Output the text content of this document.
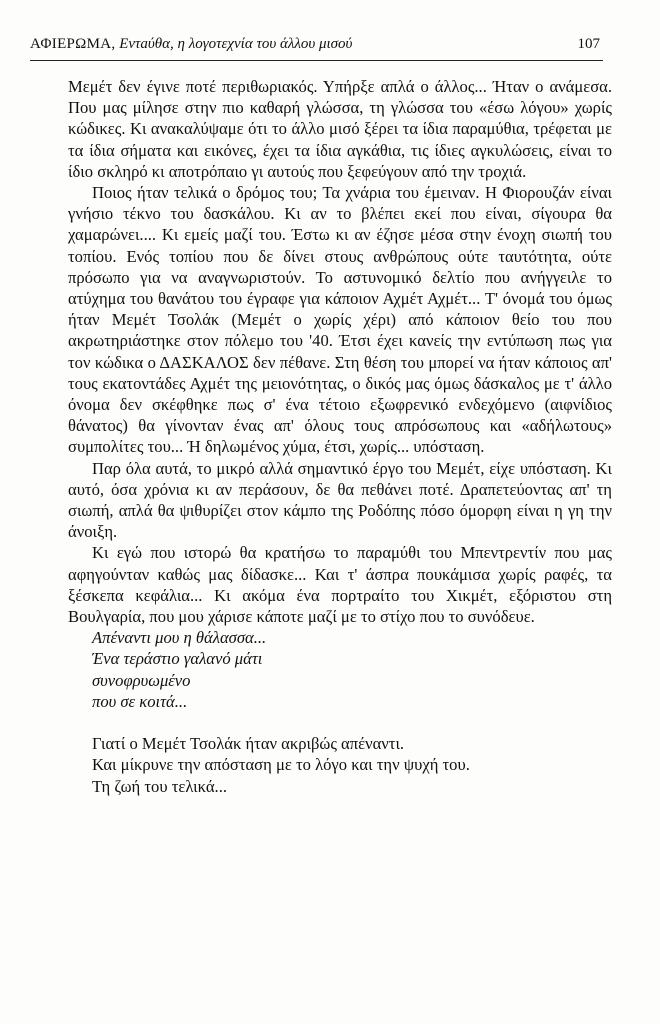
ΑΦΙΕΡΩΜΑ, Εντaύθα, η λογοτεχνία του άλλου μισού	107

Μεμέτ δεν έγινε ποτέ περιθωριακός. Υπήρξε απλά ο άλλος... Ήταν ο ανάμεσα. Που μας μίλησε στην πιο καθαρή γλώσσα, τη γλώσσα του «έσω λόγου» χωρίς κώδικες. Κι ανακαλύψαμε ότι το άλλο μισό ξέρει τα ίδια παραμύθια, τρέφεται με τα ίδια σήματα και εικόνες, έχει τα ίδια αγκάθια, τις ίδιες αγκυλώσεις, είναι το ίδιο σκληρό κι αποτρόπαιο γι αυτούς που ξεφεύγουν από την τροχιά.

Ποιος ήταν τελικά ο δρόμος του; Τα χνάρια του έμειναν. Η Φιορουζάν είναι γνήσιο τέκνο του δασκάλου. Κι αν το βλέπει εκεί που είναι, σίγουρα θα χαμαρώνει.... Κι εμείς μαζί του. Έστω κι αν έζησε μέσα στην ένοχη σιωπή του τοπίου. Ενός τοπίου που δε δίνει στους ανθρώπους ούτε ταυτότητα, ούτε πρόσωπο για να αναγνωριστούν. Το αστυνομικό δελτίο που ανήγγειλε το ατύχημα του θανάτου του έγραφε για κάποιον Αχμέτ Αχμέτ... Τ' όνομά του όμως ήταν Μεμέτ Τσολάκ (Μεμέτ ο χωρίς χέρι) από κάποιον θείο του που ακρωτηριάστηκε στον πόλεμο του '40. Έτσι έχει κανείς την εντύπωση πως για τον κώδικα ο ΔΑΣΚΑΛΟΣ δεν πέθανε. Στη θέση του μπορεί να ήταν κάποιος απ' τους εκατοντάδες Αχμέτ της μειονότητας, ο δικός μας όμως δάσκαλος με τ' άλλο όνομα δεν σκέφθηκε πως σ' ένα τέτοιο εξωφρενικό ενδεχόμενο (αιφνίδιος θάνατος) θα γίνονταν ένας απ' όλους τους απρόσωπους και «αδήλωτους» συμπολίτες του... Ή δηλωμένος χύμα, έτσι, χωρίς... υπόσταση.

Παρ όλα αυτά, το μικρό αλλά σημαντικό έργο του Μεμέτ, είχε υπόσταση. Κι αυτό, όσα χρόνια κι αν περάσουν, δε θα πεθάνει ποτέ. Δραπετεύοντας απ' τη σιωπή, απλά θα ψιθυρίζει στον κάμπο της Ροδόπης πόσο όμορφη είναι η γη την άνοιξη.

Κι εγώ που ιστορώ θα κρατήσω το παραμύθι του Μπεντρεντίν που μας αφηγούνταν καθώς μας δίδασκε... Και τ' άσπρα πουκάμισα χωρίς ραφές, τα ξέσκεπα κεφάλια... Κι ακόμα ένα πορτραίτο του Χικμέτ, εξόριστου στη Βουλγαρία, που μου χάρισε κάποτε μαζί με το στίχο που το συνόδευε.

Απέναντι μου η θάλασσα...
Ένα τεράστιο γαλανό μάτι
συνοφρυωμένο
που σε κοιτά...
Γιατί ο Μεμέτ Τσολάκ ήταν ακριβώς απέναντι.
Και μίκρυνε την απόσταση με το λόγο και την ψυχή του.
Τη ζωή του τελικά...
